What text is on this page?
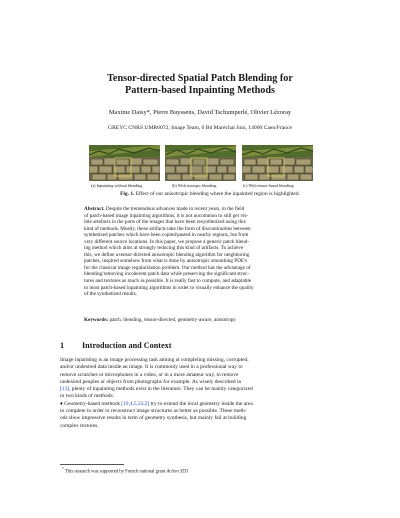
Tensor-directed Spatial Patch Blending for
Pattern-based Inpainting Methods
Maxime Daisy*, Pierre Buyssens, David Tschumperlé, Olivier Lézoray
GREYC CNRS UMR6072, Image Team, 6 Bd Maréchal Juin, 14000 Caen/France
(a) Inpainting without blending	(b) With isotropic blending	(c) With tensor-based blending
Fig. 1. Effect of our anisotropic blending where the inpainted region is highlighted.
Abstract. Despite the tremendous advances made in recent years, in the field
of patch-based image inpainting algorithms, it is not uncommon to still get vis-
ible artefacts in the parts of the images that have been resynthetized using this
kind of methods. Mostly, these artifacts take the form of discontinuities between
synthetized patches which have been copied/pasted in nearby regions, but from
very different source locations. In this paper, we propose a generic patch blend-
ing method which aims at strongly reducing this kind of artifacts. To achieve
this, we define a tensor-directed anisotropic blending algorithm for neighboring
patches, inspired somehow from what is done by anisotropic smoothing PDE's
for the classical image regularization problem. Our method has the advantage of
blending/removing incoherent patch data while preserving the significant struc-
tures and textures as much as possible. It is really fast to compute, and adaptable
to most patch-based inpainting algorithms in order to visually enhance the quality
of the synthetized results.
Keywords: patch, blending, tensor-directed, geometry-aware, anisotropy
1 Introduction and Context
Image inpainting is an image processing task aiming at completing missing, corrupted,
and/or undesired data inside an image. It is commonly used in a professional way to
remove scratches or microphones in a video, or in a more amateur way, to remove
undesired peoples or objects from photographs for example. As wisely described in
[13], plenty of inpainting methods exist in the literature. They can be mainly categorized
in two kinds of methods:
♦ Geometry-based methods [19,4,5,23,2] try to extend the local geometry inside the area
to complete in order to reconstruct image structures as better as possible. These meth-
ods show impressive results in term of geometry synthesis, but mainly fail at building
complex textures.
* This research was supported by French national grant Action 3D3
